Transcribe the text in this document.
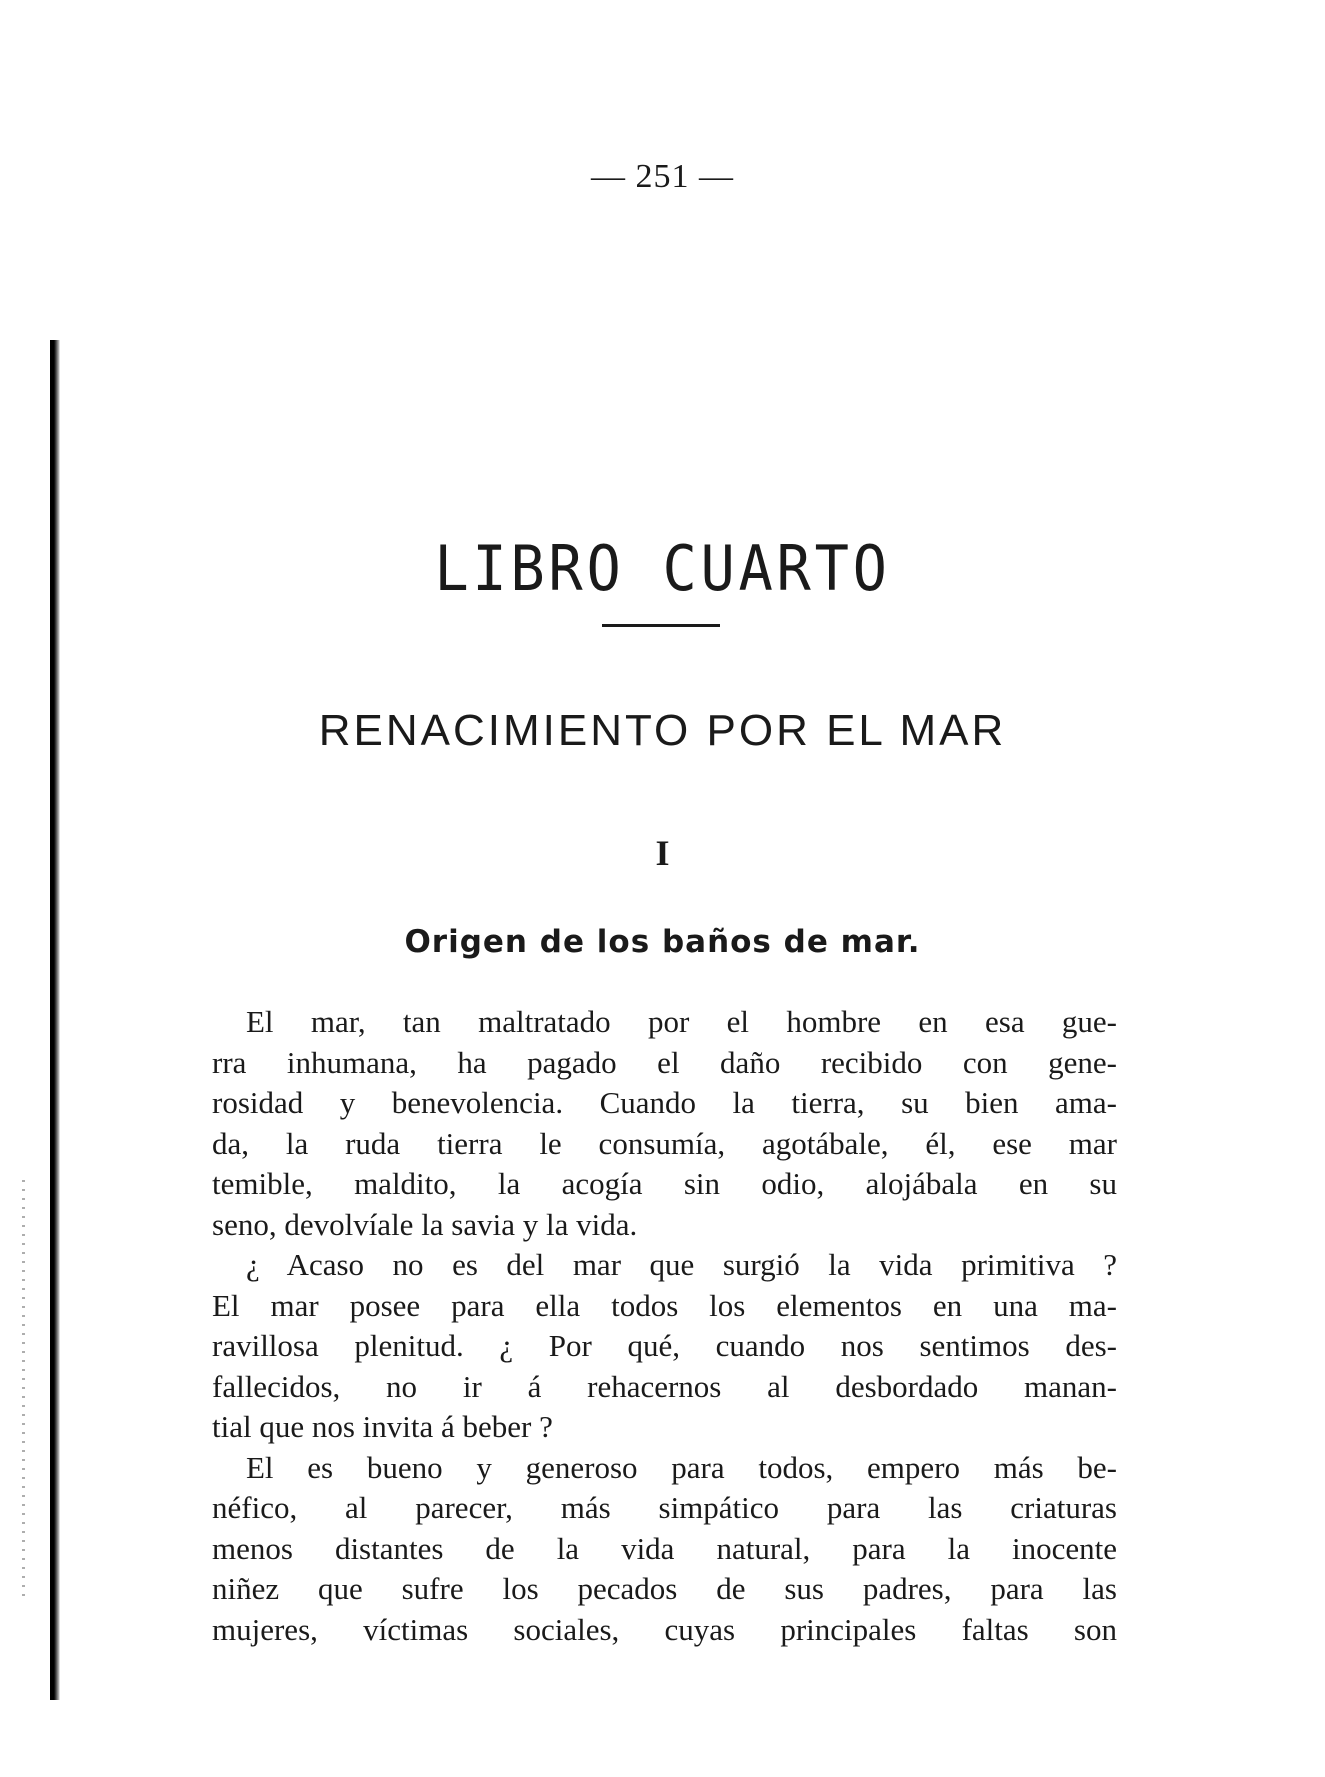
— 251 —
LIBRO CUARTO
RENACIMIENTO POR EL MAR
I
Origen de los baños de mar.
El mar, tan maltratado por el hombre en esa gue-
rra inhumana, ha pagado el daño recibido con gene-
rosidad y benevolencia. Cuando la tierra, su bien ama-
da, la ruda tierra le consumía, agotábale, él, ese mar
temible, maldito, la acogía sin odio, alojábala en su
seno, devolvíale la savia y la vida.
¿ Acaso no es del mar que surgió la vida primitiva ?
El mar posee para ella todos los elementos en una ma-
ravillosa plenitud. ¿ Por qué, cuando nos sentimos des-
fallecidos, no ir á rehacernos al desbordado manan-
tial que nos invita á beber ?
El es bueno y generoso para todos, empero más be-
néfico, al parecer, más simpático para las criaturas
menos distantes de la vida natural, para la inocente
niñez que sufre los pecados de sus padres, para las
mujeres, víctimas sociales, cuyas principales faltas son
